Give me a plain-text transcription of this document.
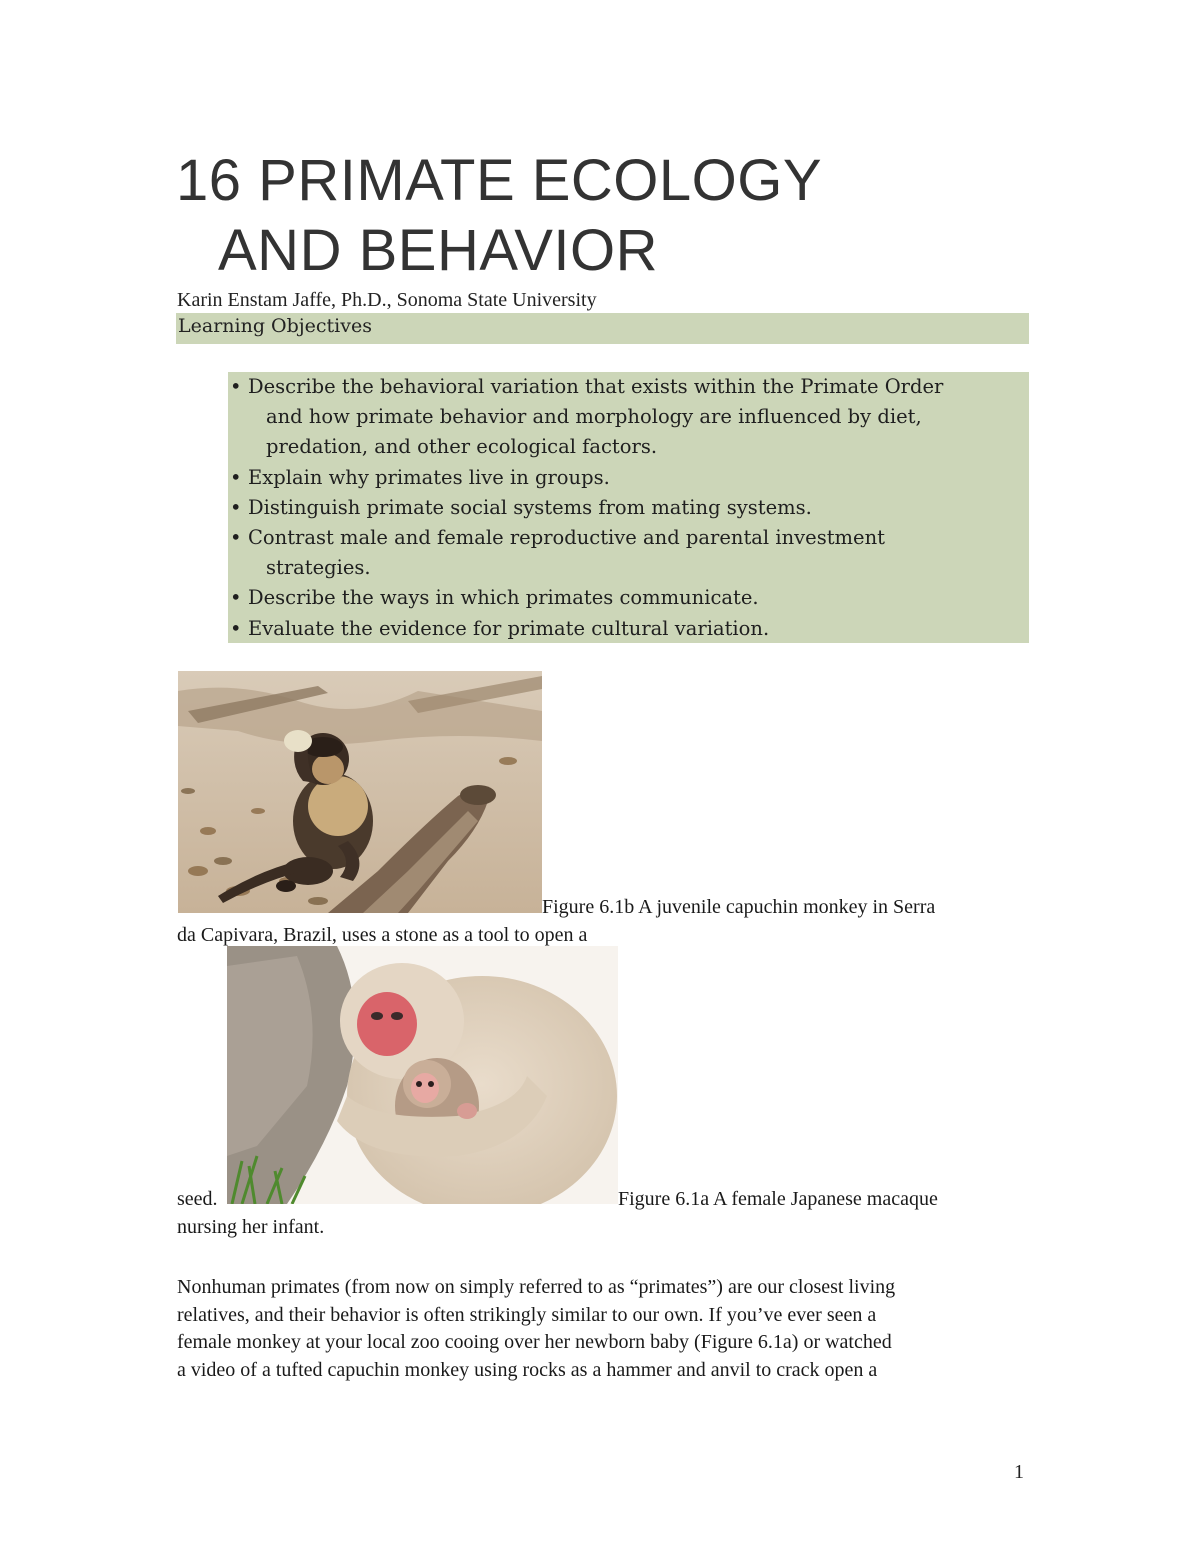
16 PRIMATE ECOLOGY
AND BEHAVIOR
Karin Enstam Jaffe, Ph.D., Sonoma State University
Learning Objectives
• Describe the behavioral variation that exists within the Primate Order
and how primate behavior and morphology are influenced by diet,
predation, and other ecological factors.
• Explain why primates live in groups.
• Distinguish primate social systems from mating systems.
• Contrast male and female reproductive and parental investment
strategies.
• Describe the ways in which primates communicate.
• Evaluate the evidence for primate cultural variation.
Figure 6.1b A juvenile capuchin monkey in Serra
da Capivara, Brazil, uses a stone as a tool to open a
seed.	Figure 6.1a A female Japanese macaque
nursing her infant.
Nonhuman primates (from now on simply referred to as “primates”) are our closest living
relatives, and their behavior is often strikingly similar to our own. If you’ve ever seen a
female monkey at your local zoo cooing over her newborn baby (Figure 6.1a) or watched
a video of a tufted capuchin monkey using rocks as a hammer and anvil to crack open a
1
